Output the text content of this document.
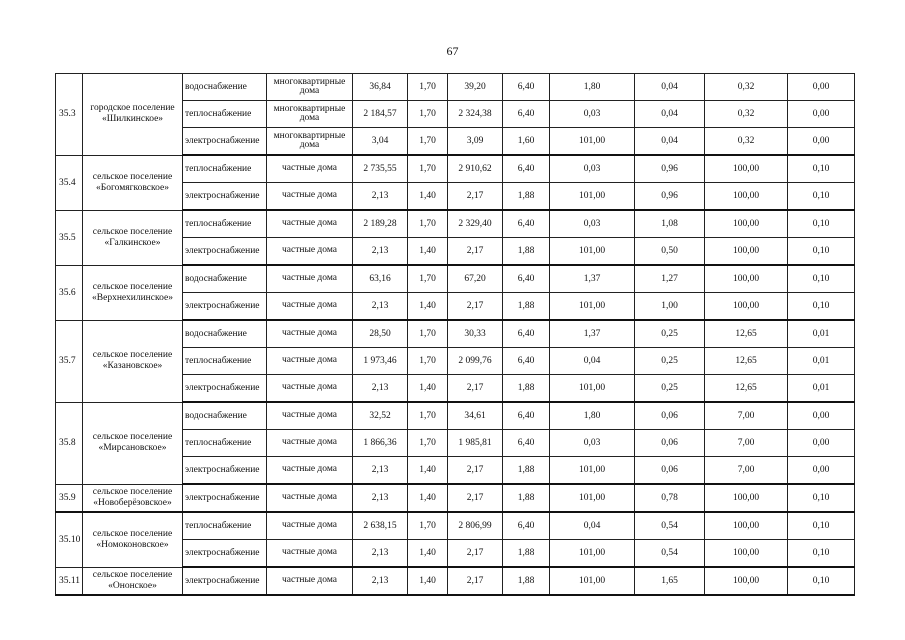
67
35.3	городское поселение «Шилкинское»	водоснабжение	многоквартирные дома	36,84	1,70	39,20	6,40	1,80	0,04	0,32	0,00
		теплоснабжение	многоквартирные дома	2 184,57	1,70	2 324,38	6,40	0,03	0,04	0,32	0,00
		электроснабжение	многоквартирные дома	3,04	1,70	3,09	1,60	101,00	0,04	0,32	0,00
35.4	сельское поселение «Богомягковское»	теплоснабжение	частные дома	2 735,55	1,70	2 910,62	6,40	0,03	0,96	100,00	0,10
		электроснабжение	частные дома	2,13	1,40	2,17	1,88	101,00	0,96	100,00	0,10
35.5	сельское поселение «Галкинское»	теплоснабжение	частные дома	2 189,28	1,70	2 329,40	6,40	0,03	1,08	100,00	0,10
		электроснабжение	частные дома	2,13	1,40	2,17	1,88	101,00	0,50	100,00	0,10
35.6	сельское поселение «Верхнехилинское»	водоснабжение	частные дома	63,16	1,70	67,20	6,40	1,37	1,27	100,00	0,10
		электроснабжение	частные дома	2,13	1,40	2,17	1,88	101,00	1,00	100,00	0,10
35.7	сельское поселение «Казановское»	водоснабжение	частные дома	28,50	1,70	30,33	6,40	1,37	0,25	12,65	0,01
		теплоснабжение	частные дома	1 973,46	1,70	2 099,76	6,40	0,04	0,25	12,65	0,01
		электроснабжение	частные дома	2,13	1,40	2,17	1,88	101,00	0,25	12,65	0,01
35.8	сельское поселение «Мирсановское»	водоснабжение	частные дома	32,52	1,70	34,61	6,40	1,80	0,06	7,00	0,00
		теплоснабжение	частные дома	1 866,36	1,70	1 985,81	6,40	0,03	0,06	7,00	0,00
		электроснабжение	частные дома	2,13	1,40	2,17	1,88	101,00	0,06	7,00	0,00
35.9	сельское поселение «Новоберёзовское»	электроснабжение	частные дома	2,13	1,40	2,17	1,88	101,00	0,78	100,00	0,10
35.10	сельское поселение «Номоконовское»	теплоснабжение	частные дома	2 638,15	1,70	2 806,99	6,40	0,04	0,54	100,00	0,10
		электроснабжение	частные дома	2,13	1,40	2,17	1,88	101,00	0,54	100,00	0,10
35.11	сельское поселение «Ононское»	электроснабжение	частные дома	2,13	1,40	2,17	1,88	101,00	1,65	100,00	0,10
